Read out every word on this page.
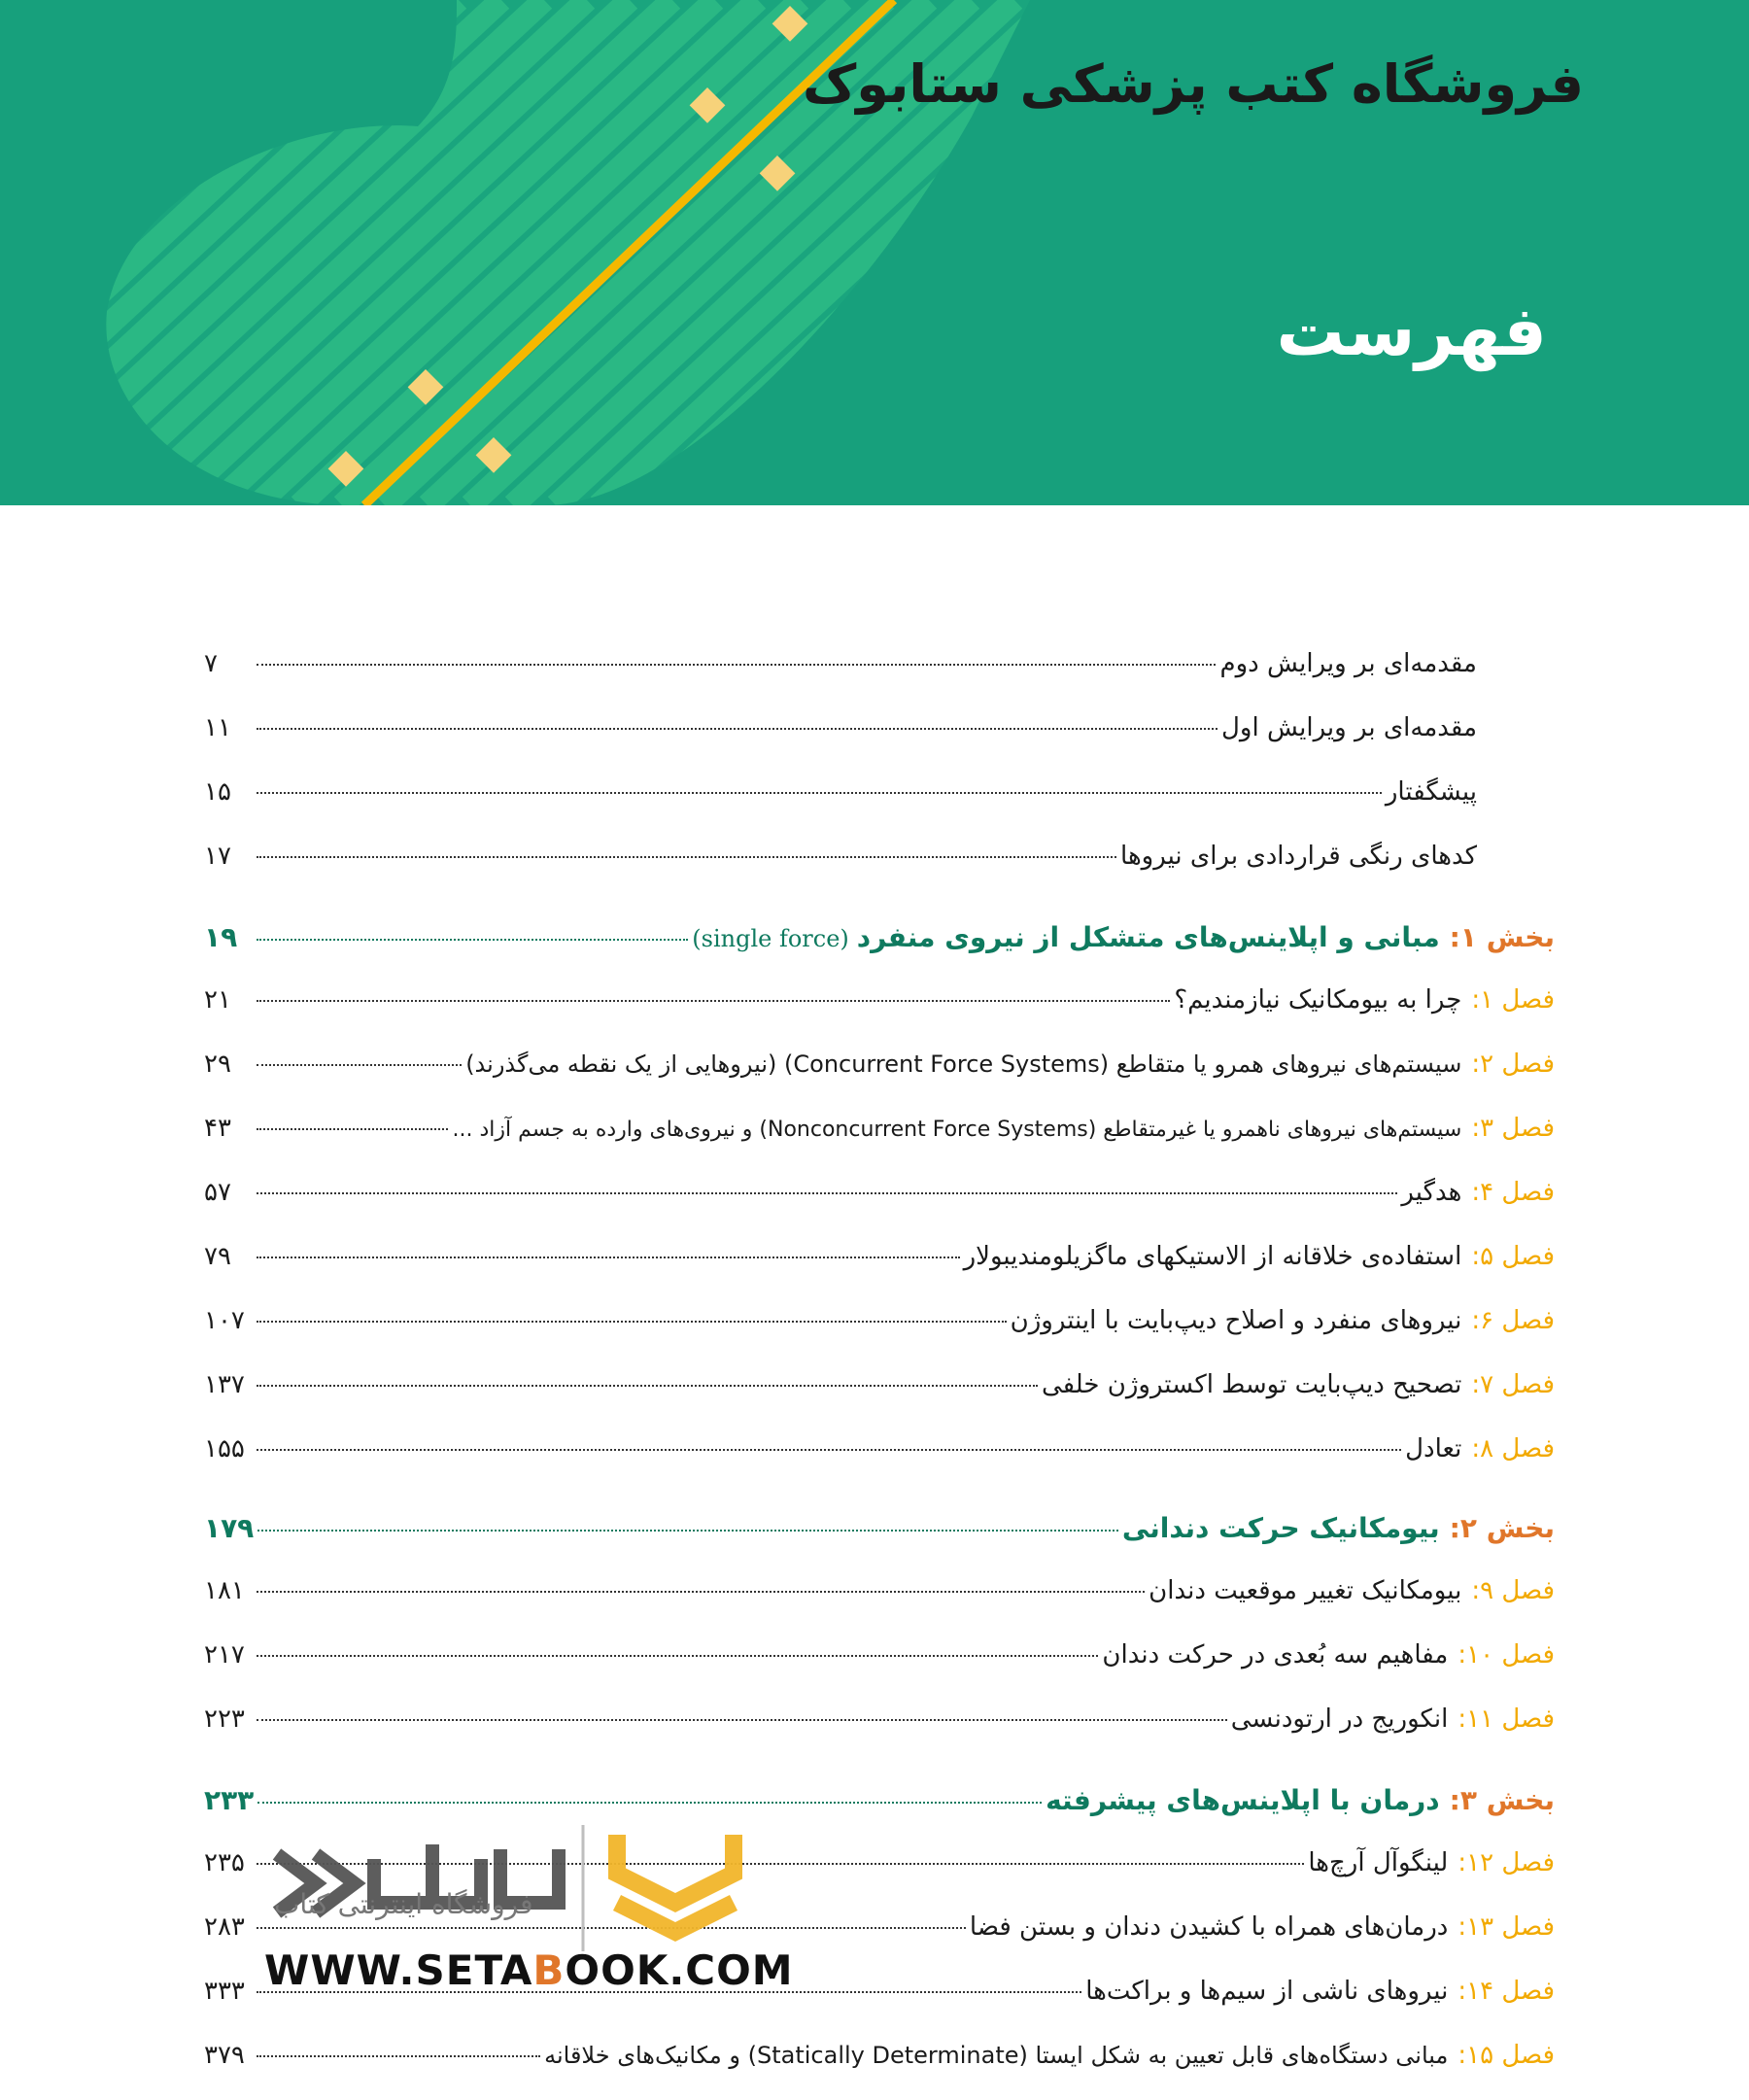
فروشگاه کتب پزشکی ستابوک
فهرست
مقدمه‌ای بر ویرایش دوم
۷
مقدمه‌ای بر ویرایش اول
۱۱
پیشگفتار
۱۵
کدهای رنگی قراردادی برای نیروها
۱۷
بخش ۱:
مبانی و اپلاینس‌های متشکل از نیروی منفرد
(single force)
۱۹
فصل ۱:
چرا به بیومکانیک نیازمندیم؟
۲۱
فصل ۲:
سیستم‌های نیروهای همرو یا متقاطع (Concurrent Force Systems) (نیروهایی از یک نقطه می‌گذرند)
۲۹
فصل ۳:
سیستم‌های نیروهای ناهمرو یا غیرمتقاطع (Nonconcurrent Force Systems) و نیروی‌های وارده به جسم آزاد ...
۴۳
فصل ۴:
هدگیر
۵۷
فصل ۵:
استفاده‌ی خلاقانه از الاستیکهای ماگزیلومندیبولار
۷۹
فصل ۶:
نیروهای منفرد و اصلاح دیپ‌بایت با اینتروژن
۱۰۷
فصل ۷:
تصحیح دیپ‌بایت توسط اکستروژن خلفی
۱۳۷
فصل ۸:
تعادل
۱۵۵
بخش ۲:
بیومکانیک حرکت دندانی
۱۷۹
فصل ۹:
بیومکانیک تغییر موقعیت دندان
۱۸۱
فصل ۱۰:
مفاهیم سه بُعدی در حرکت دندان
۲۱۷
فصل ۱۱:
انکوریج در ارتودنسی
۲۲۳
بخش ۳:
درمان با اپلاینس‌های پیشرفته
۲۳۳
فصل ۱۲:
لینگوآل آرچ‌ها
۲۳۵
فصل ۱۳:
درمان‌های همراه با کشیدن دندان و بستن فضا
۲۸۳
فصل ۱۴:
نیروهای ناشی از سیم‌ها و براکت‌ها
۳۳۳
فصل ۱۵:
مبانی دستگاه‌های قابل تعیین به شکل ایستا (Statically Determinate) و مکانیک‌های خلاقانه
۳۷۹
فروشگاه اینترنتی کتاب
WWW.SETABOOK.COM
